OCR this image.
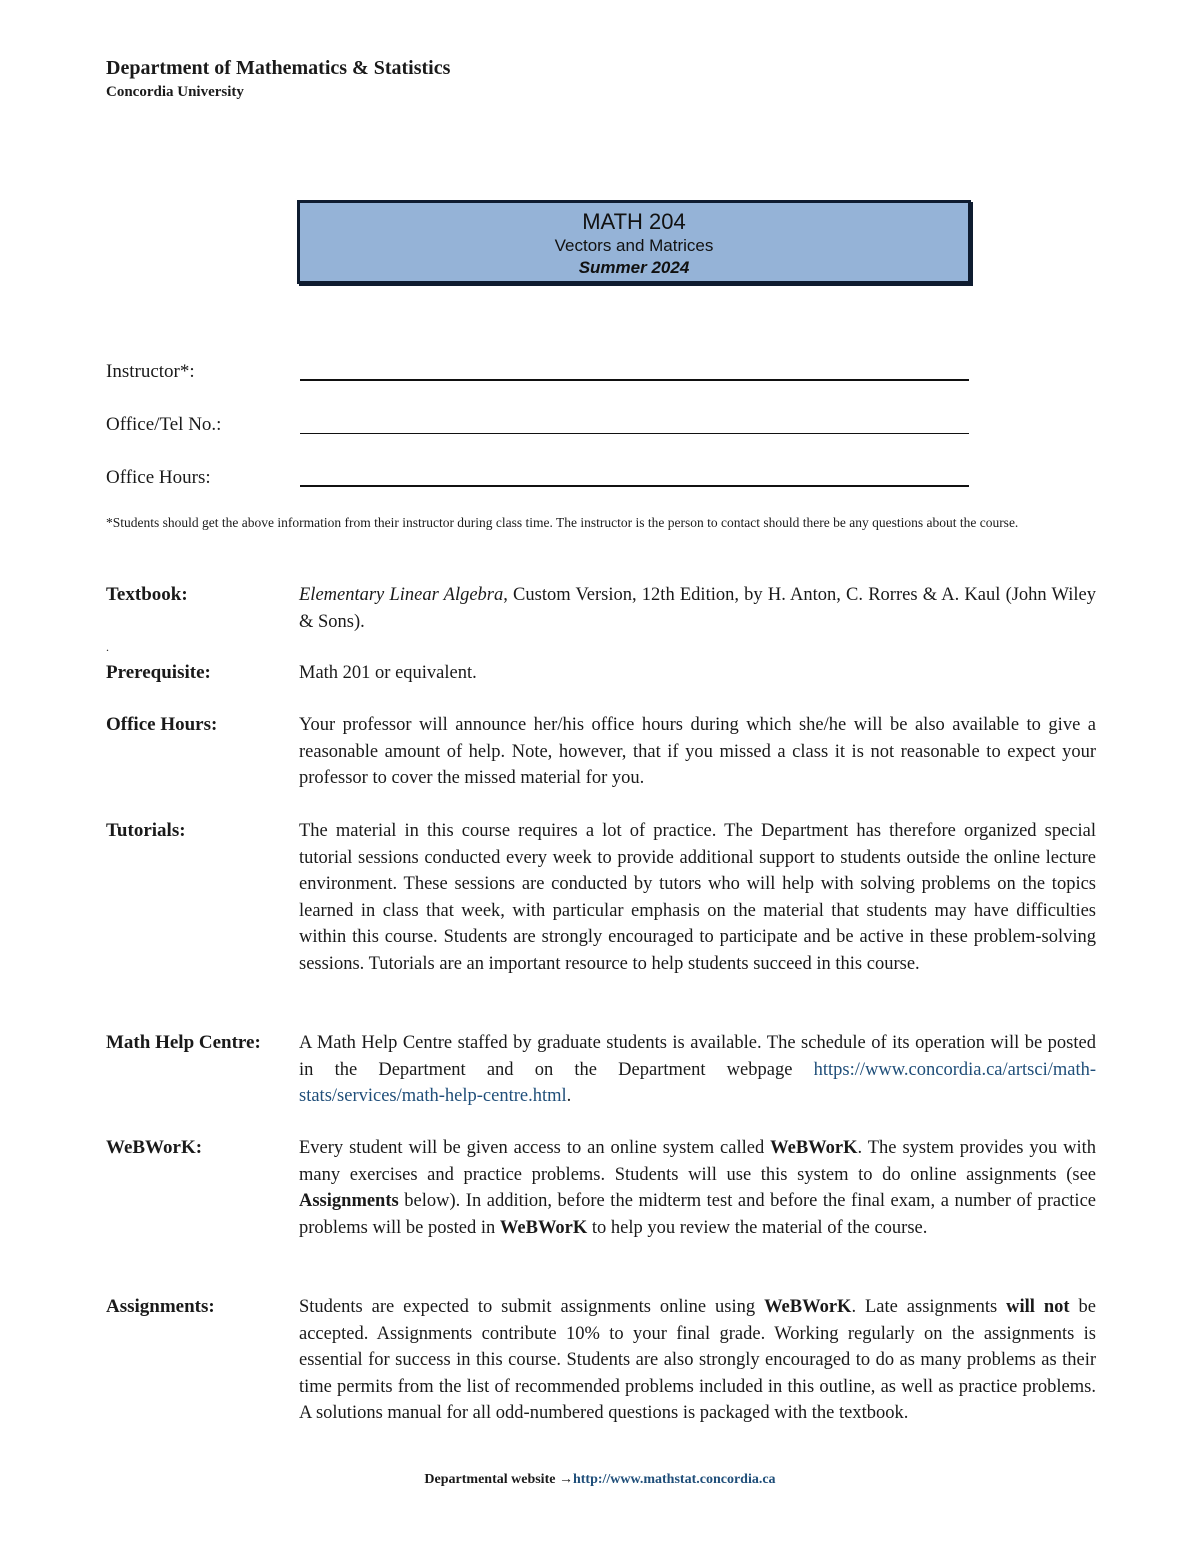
Department of Mathematics & Statistics
Concordia University
MATH 204
Vectors and Matrices
Summer 2024
Instructor*:
Office/Tel No.:
Office Hours:
*Students should get the above information from their instructor during class time. The instructor is the person to contact should there be any questions about the course.
Textbook:	Elementary Linear Algebra, Custom Version, 12th Edition, by H. Anton, C. Rorres & A. Kaul (John Wiley & Sons).
.
Prerequisite:	Math 201 or equivalent.
Office Hours:	Your professor will announce her/his office hours during which she/he will be also available to give a reasonable amount of help. Note, however, that if you missed a class it is not reasonable to expect your professor to cover the missed material for you.
Tutorials:	The material in this course requires a lot of practice. The Department has therefore organized special tutorial sessions conducted every week to provide additional support to students outside the online lecture environment. These sessions are conducted by tutors who will help with solving problems on the topics learned in class that week, with particular emphasis on the material that students may have difficulties within this course. Students are strongly encouraged to participate and be active in these problem-solving sessions. Tutorials are an important resource to help students succeed in this course.
Math Help Centre: A Math Help Centre staffed by graduate students is available. The schedule of its operation will be posted in the Department and on the Department webpage https://www.concordia.ca/artsci/math-stats/services/math-help-centre.html.
WeBWorK:	Every student will be given access to an online system called WeBWorK. The system provides you with many exercises and practice problems. Students will use this system to do online assignments (see Assignments below). In addition, before the midterm test and before the final exam, a number of practice problems will be posted in WeBWorK to help you review the material of the course.
Assignments:	Students are expected to submit assignments online using WeBWorK. Late assignments will not be accepted. Assignments contribute 10% to your final grade. Working regularly on the assignments is essential for success in this course. Students are also strongly encouraged to do as many problems as their time permits from the list of recommended problems included in this outline, as well as practice problems. A solutions manual for all odd-numbered questions is packaged with the textbook.
Departmental website →http://www.mathstat.concordia.ca
